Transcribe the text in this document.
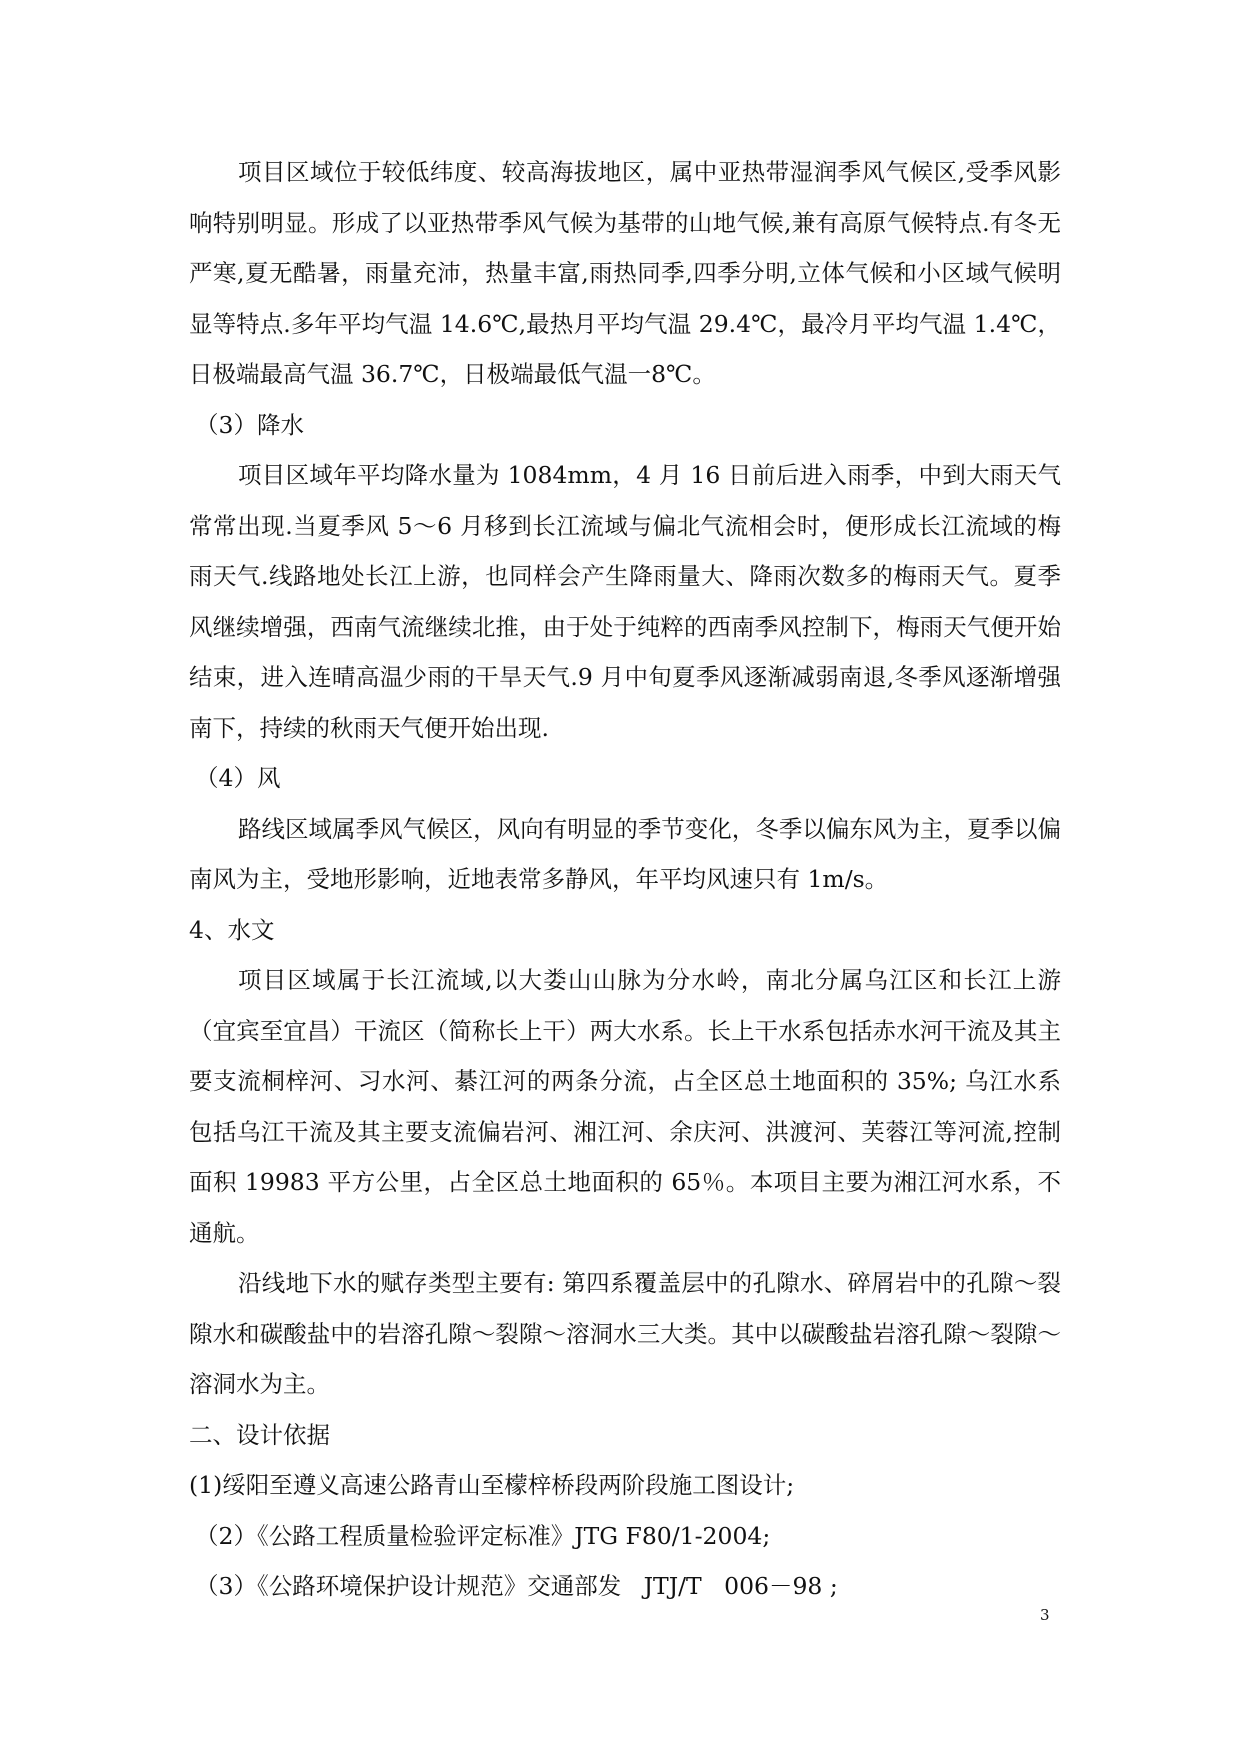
项目区域位于较低纬度、较高海拔地区，属中亚热带湿润季风气候区,受季风影响特别明显。形成了以亚热带季风气候为基带的山地气候,兼有高原气候特点.有冬无严寒,夏无酷暑，雨量充沛，热量丰富,雨热同季,四季分明,立体气候和小区域气候明显等特点.多年平均气温 14.6℃,最热月平均气温 29.4℃，最冷月平均气温 1.4℃，日极端最高气温 36.7℃，日极端最低气温一8℃。

（3）降水

项目区域年平均降水量为 1084mm，4 月 16 日前后进入雨季，中到大雨天气常常出现.当夏季风 5～6 月移到长江流域与偏北气流相会时，便形成长江流域的梅雨天气.线路地处长江上游，也同样会产生降雨量大、降雨次数多的梅雨天气。夏季风继续增强，西南气流继续北推，由于处于纯粹的西南季风控制下，梅雨天气便开始结束，进入连晴高温少雨的干旱天气.9 月中旬夏季风逐渐减弱南退,冬季风逐渐增强南下，持续的秋雨天气便开始出现.

（4）风

路线区域属季风气候区，风向有明显的季节变化，冬季以偏东风为主，夏季以偏南风为主，受地形影响，近地表常多静风，年平均风速只有 1m/s。

4、水文

项目区域属于长江流域,以大娄山山脉为分水岭，南北分属乌江区和长江上游（宜宾至宜昌）干流区（简称长上干）两大水系。长上干水系包括赤水河干流及其主要支流桐梓河、习水河、綦江河的两条分流，占全区总土地面积的 35%; 乌江水系包括乌江干流及其主要支流偏岩河、湘江河、余庆河、洪渡河、芙蓉江等河流,控制面积 19983 平方公里，占全区总土地面积的 65％。本项目主要为湘江河水系，不通航。

沿线地下水的赋存类型主要有: 第四系覆盖层中的孔隙水、碎屑岩中的孔隙～裂隙水和碳酸盐中的岩溶孔隙～裂隙～溶洞水三大类。其中以碳酸盐岩溶孔隙～裂隙～溶洞水为主。

二、设计依据

(1)绥阳至遵义高速公路青山至檬梓桥段两阶段施工图设计;

（2）《公路工程质量检验评定标准》JTG F80/1-2004;

（3）《公路环境保护设计规范》交通部发   JTJ/T   006－98 ;

3
